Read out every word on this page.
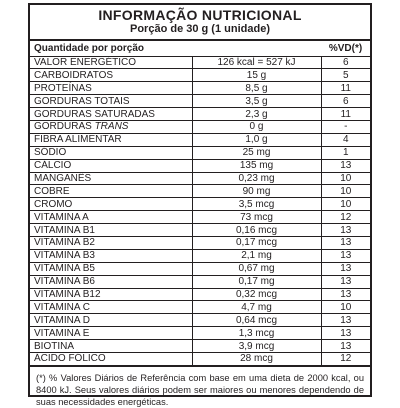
INFORMAÇÃO NUTRICIONAL
Porção de 30 g (1 unidade)
Quantidade por porção		%VD(*)
VALOR ENERGÉTICO	126 kcal = 527 kJ	6
CARBOIDRATOS	15 g	5
PROTEÍNAS	8,5 g	11
GORDURAS TOTAIS	3,5 g	6
GORDURAS SATURADAS	2,3 g	11
GORDURAS TRANS	0 g	-
FIBRA ALIMENTAR	1,0 g	4
SÓDIO	25 mg	1
CÁLCIO	135 mg	13
MANGANÊS	0,23 mg	10
COBRE	90 mg	10
CROMO	3,5 mcg	10
VITAMINA A	73 mcg	12
VITAMINA B1	0,16 mcg	13
VITAMINA B2	0,17 mcg	13
VITAMINA B3	2,1 mg	13
VITAMINA B5	0,67 mg	13
VITAMINA B6	0,17 mg	13
VITAMINA B12	0,32 mcg	13
VITAMINA C	4,7 mg	10
VITAMINA D	0,64 mcg	13
VITAMINA E	1,3 mcg	13
BIOTINA	3,9 mcg	13
ÁCIDO FÓLICO	28 mcg	12
(*) % Valores Diários de Referência com base em uma dieta de 2000 kcal, ou 8400 kJ. Seus valores diários podem ser maiores ou menores dependendo de suas necessidades energéticas.
